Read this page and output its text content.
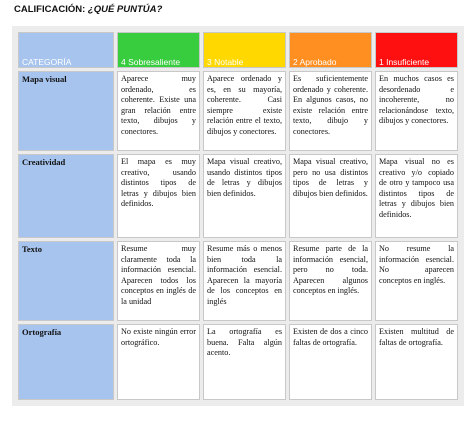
CALIFICACIÓN: ¿QUÉ PUNTÚA?
CATEGORÍA	4 Sobresaliente	3 Notable	2 Aprobado	1 Insuficiente
Mapa visual	Aparece muy ordenado, es coherente. Existe una gran relación entre texto, dibujos y conectores.	Aparece ordenado y es, en su mayoría, coherente. Casi siempre existe relación entre el texto, dibujos y conectores.	Es suficientemente ordenado y coherente. En algunos casos, no existe relación entre texto, dibujo y conectores.	En muchos casos es desordenado e incoherente, no relacionándose texto, dibujos y conectores.
Creatividad	El mapa es muy creativo, usando distintos tipos de letras y dibujos bien definidos.	Mapa visual creativo, usando distintos tipos de letras y dibujos bien definidos.	Mapa visual creativo, pero no usa distintos tipos de letras y dibujos bien definidos.	Mapa visual no es creativo y/o copiado de otro y tampoco usa distintos tipos de letras y dibujos bien definidos.
Texto	Resume muy claramente toda la información esencial. Aparecen todos los conceptos en inglés de la unidad	Resume más o menos bien toda la información esencial. Aparecen la mayoría de los conceptos en inglés	Resume parte de la información esencial, pero no toda. Aparecen algunos conceptos en inglés.	No resume la información esencial. No aparecen conceptos en inglés.
Ortografía	No existe ningún error ortográfico.	La ortografía es buena. Falta algún acento.	Existen de dos a cinco faltas de ortografía.	Existen multitud de faltas de ortografía.
